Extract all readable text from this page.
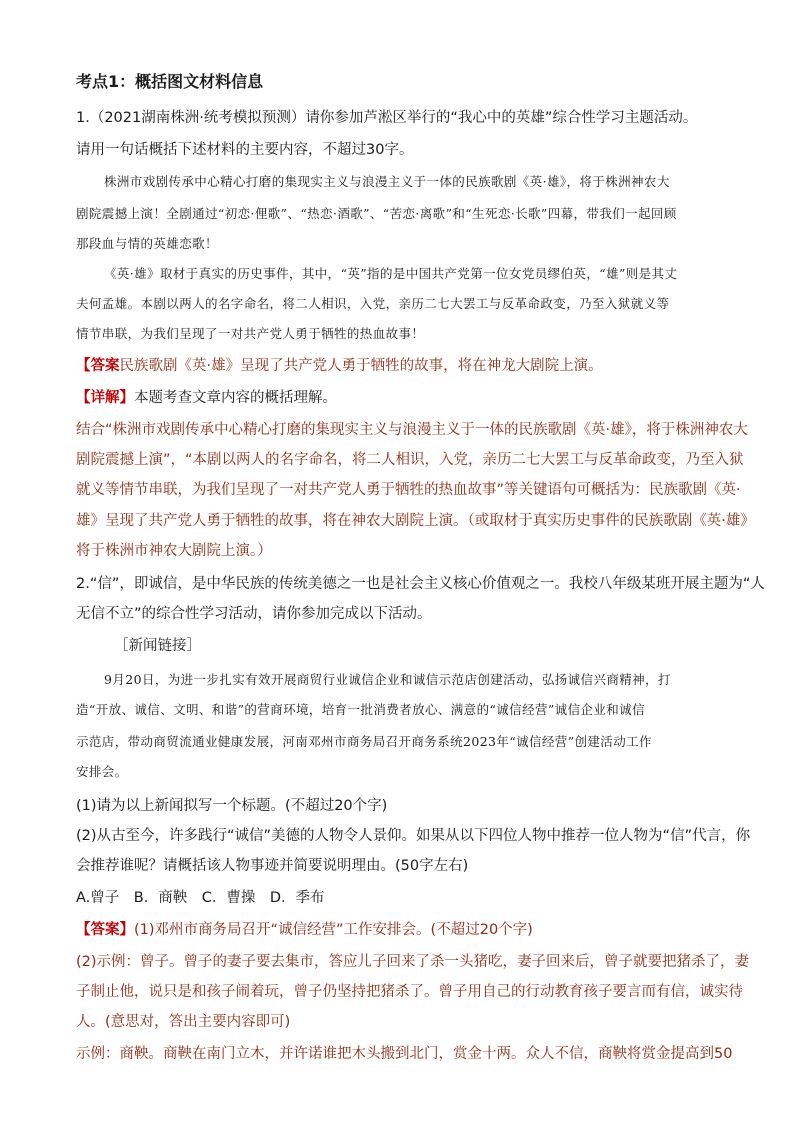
考点1：概括图文材料信息
1.（2021湖南株洲·统考模拟预测）请你参加芦淞区举行的“我心中的英雄”综合性学习主题活动。
请用一句话概括下述材料的主要内容，不超过30字。
株洲市戏剧传承中心精心打磨的集现实主义与浪漫主义于一体的民族歌剧《英·雄》，将于株洲神农大
剧院震撼上演！全剧通过“初恋·俚歌”、“热恋·酒歌”、“苦恋·离歌”和“生死恋·长歌”四幕，带我们一起回顾
那段血与情的英雄恋歌！
《英·雄》取材于真实的历史事件，其中，“英”指的是中国共产党第一位女党员缪伯英，“雄”则是其丈
夫何孟雄。本剧以两人的名字命名，将二人相识，入党，亲历二七大罢工与反革命政变，乃至入狱就义等
情节串联，为我们呈现了一对共产党人勇于牺牲的热血故事！
【答案民族歌剧《英·雄》呈现了共产党人勇于牺牲的故事，将在神龙大剧院上演。
【详解】本题考查文章内容的概括理解。
结合“株洲市戏剧传承中心精心打磨的集现实主义与浪漫主义于一体的民族歌剧《英·雄》，将于株洲神农大
剧院震撼上演”，“本剧以两人的名字命名，将二人相识，入党，亲历二七大罢工与反革命政变，乃至入狱
就义等情节串联，为我们呈现了一对共产党人勇于牺牲的热血故事”等关键语句可概括为：民族歌剧《英·
雄》呈现了共产党人勇于牺牲的故事，将在神农大剧院上演。（或取材于真实历史事件的民族歌剧《英·雄》
将于株洲市神农大剧院上演。）
2.“信”，即诚信，是中华民族的传统美德之一也是社会主义核心价值观之一。我校八年级某班开展主题为“人
无信不立”的综合性学习活动，请你参加完成以下活动。
［新闻链接］
9月20日，为进一步扎实有效开展商贸行业诚信企业和诚信示范店创建活动，弘扬诚信兴商精神，打
造“开放、诚信、文明、和谐”的营商环境，培育一批消费者放心、满意的“诚信经营”诚信企业和诚信
示范店，带动商贸流通业健康发展，河南邓州市商务局召开商务系统2023年“诚信经营”创建活动工作
安排会。
(1)请为以上新闻拟写一个标题。(不超过20个字)
(2)从古至今，许多践行“诚信”美德的人物令人景仰。如果从以下四位人物中推荐一位人物为“信”代言，你
会推荐谁呢？请概括该人物事迹并简要说明理由。(50字左右)
A.曾子　B．商鞅　C．曹操　D．季布
【答案】(1)邓州市商务局召开“诚信经营”工作安排会。(不超过20个字)
(2)示例：曾子。曾子的妻子要去集市，答应儿子回来了杀一头猪吃，妻子回来后，曾子就要把猪杀了，妻
子制止他，说只是和孩子闹着玩，曾子仍坚持把猪杀了。曾子用自己的行动教育孩子要言而有信，诚实待
人。(意思对，答出主要内容即可)
示例：商鞅。商鞅在南门立木，并许诺谁把木头搬到北门，赏金十两。众人不信，商鞅将赏金提高到50
